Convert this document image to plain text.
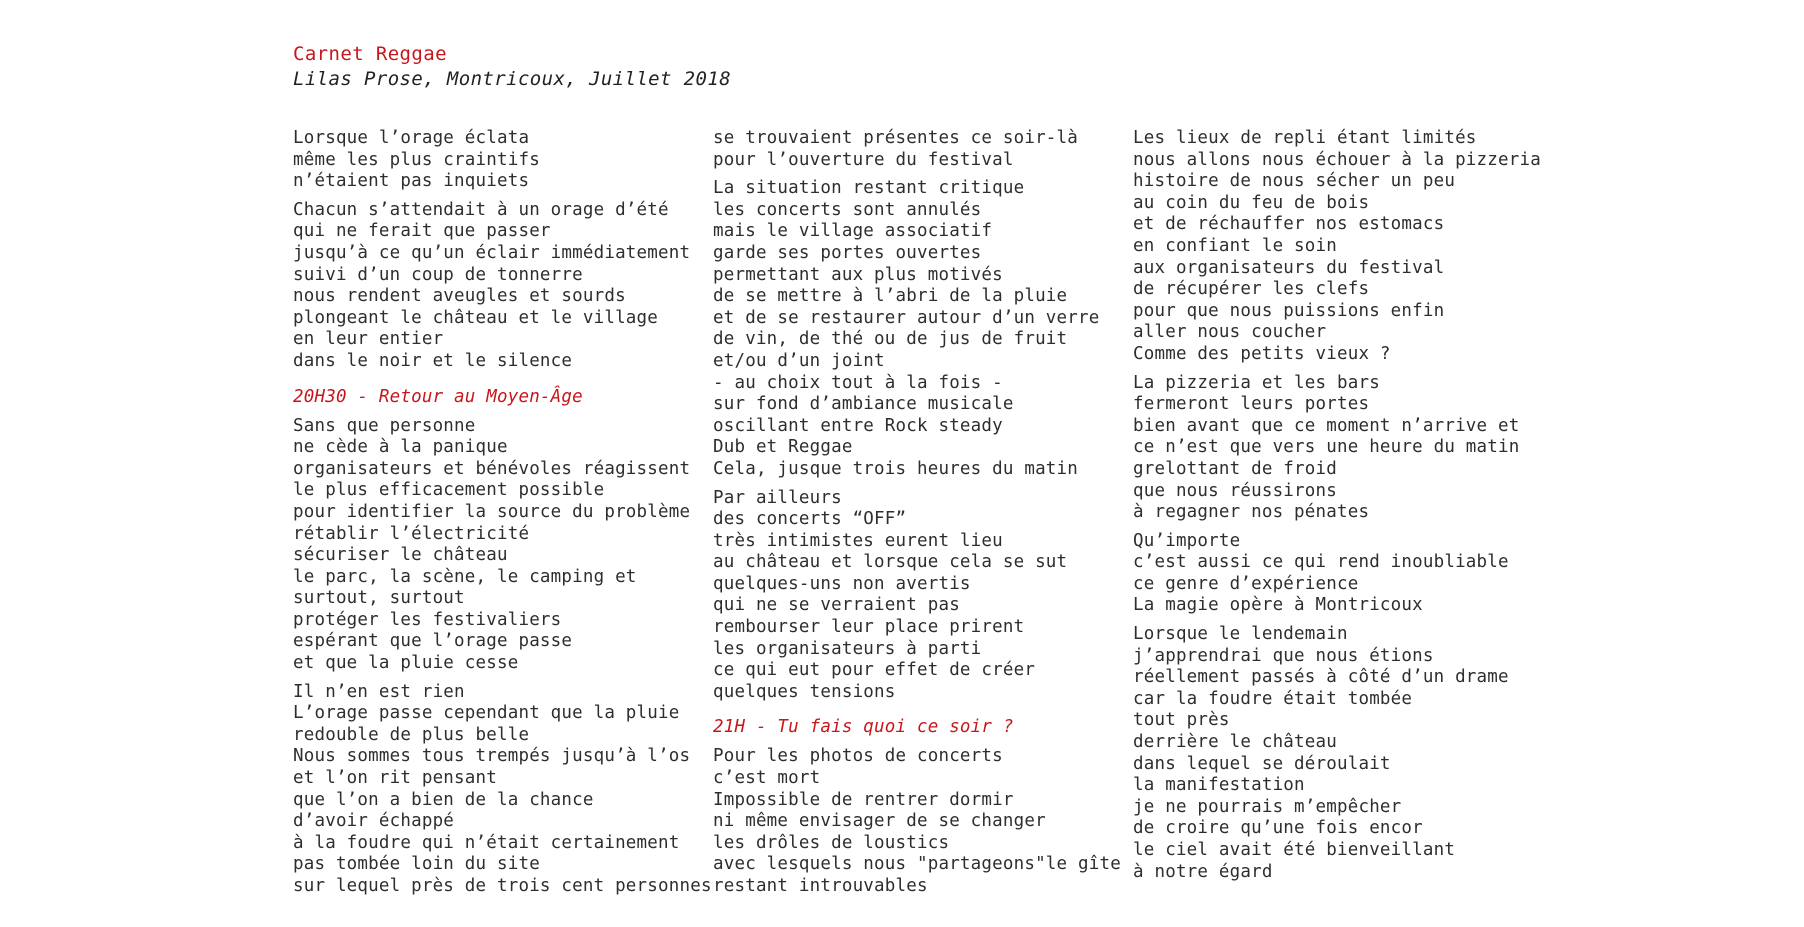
Carnet Reggae
Lilas Prose, Montricoux, Juillet 2018
Lorsque l’orage éclata
même les plus craintifs
n’étaient pas inquiets
Chacun s’attendait à un orage d’été
qui ne ferait que passer
jusqu’à ce qu’un éclair immédiatement
suivi d’un coup de tonnerre
nous rendent aveugles et sourds
plongeant le château et le village
en leur entier
dans le noir et le silence
20H30 - Retour au Moyen-Âge
Sans que personne
ne cède à la panique
organisateurs et bénévoles réagissent
le plus efficacement possible
pour identifier la source du problème
rétablir l’électricité
sécuriser le château
le parc, la scène, le camping et
surtout, surtout
protéger les festivaliers
espérant que l’orage passe
et que la pluie cesse
Il n’en est rien
L’orage passe cependant que la pluie
redouble de plus belle
Nous sommes tous trempés jusqu’à l’os
et l’on rit pensant
que l’on a bien de la chance
d’avoir échappé
à la foudre qui n’était certainement
pas tombée loin du site
sur lequel près de trois cent personnes
se trouvaient présentes ce soir-là
pour l’ouverture du festival
La situation restant critique
les concerts sont annulés
mais le village associatif
garde ses portes ouvertes
permettant aux plus motivés
de se mettre à l’abri de la pluie
et de se restaurer autour d’un verre
de vin, de thé ou de jus de fruit
et/ou d’un joint
- au choix tout à la fois -
sur fond d’ambiance musicale
oscillant entre Rock steady
Dub et Reggae
Cela, jusque trois heures du matin
Par ailleurs
des concerts “OFF”
très intimistes eurent lieu
au château et lorsque cela se sut
quelques-uns non avertis
qui ne se verraient pas
rembourser leur place prirent
les organisateurs à parti
ce qui eut pour effet de créer
quelques tensions
21H - Tu fais quoi ce soir ?
Pour les photos de concerts
c’est mort
Impossible de rentrer dormir
ni même envisager de se changer
les drôles de loustics
avec lesquels nous "partageons"le gîte
restant introuvables
Les lieux de repli étant limités
nous allons nous échouer à la pizzeria
histoire de nous sécher un peu
au coin du feu de bois
et de réchauffer nos estomacs
en confiant le soin
aux organisateurs du festival
de récupérer les clefs
pour que nous puissions enfin
aller nous coucher
Comme des petits vieux ?
La pizzeria et les bars
fermeront leurs portes
bien avant que ce moment n’arrive et
ce n’est que vers une heure du matin
grelottant de froid
que nous réussirons
à regagner nos pénates
Qu’importe
c’est aussi ce qui rend inoubliable
ce genre d’expérience
La magie opère à Montricoux
Lorsque le lendemain
j’apprendrai que nous étions
réellement passés à côté d’un drame
car la foudre était tombée
tout près
derrière le château
dans lequel se déroulait
la manifestation
je ne pourrais m’empêcher
de croire qu’une fois encor
le ciel avait été bienveillant
à notre égard
